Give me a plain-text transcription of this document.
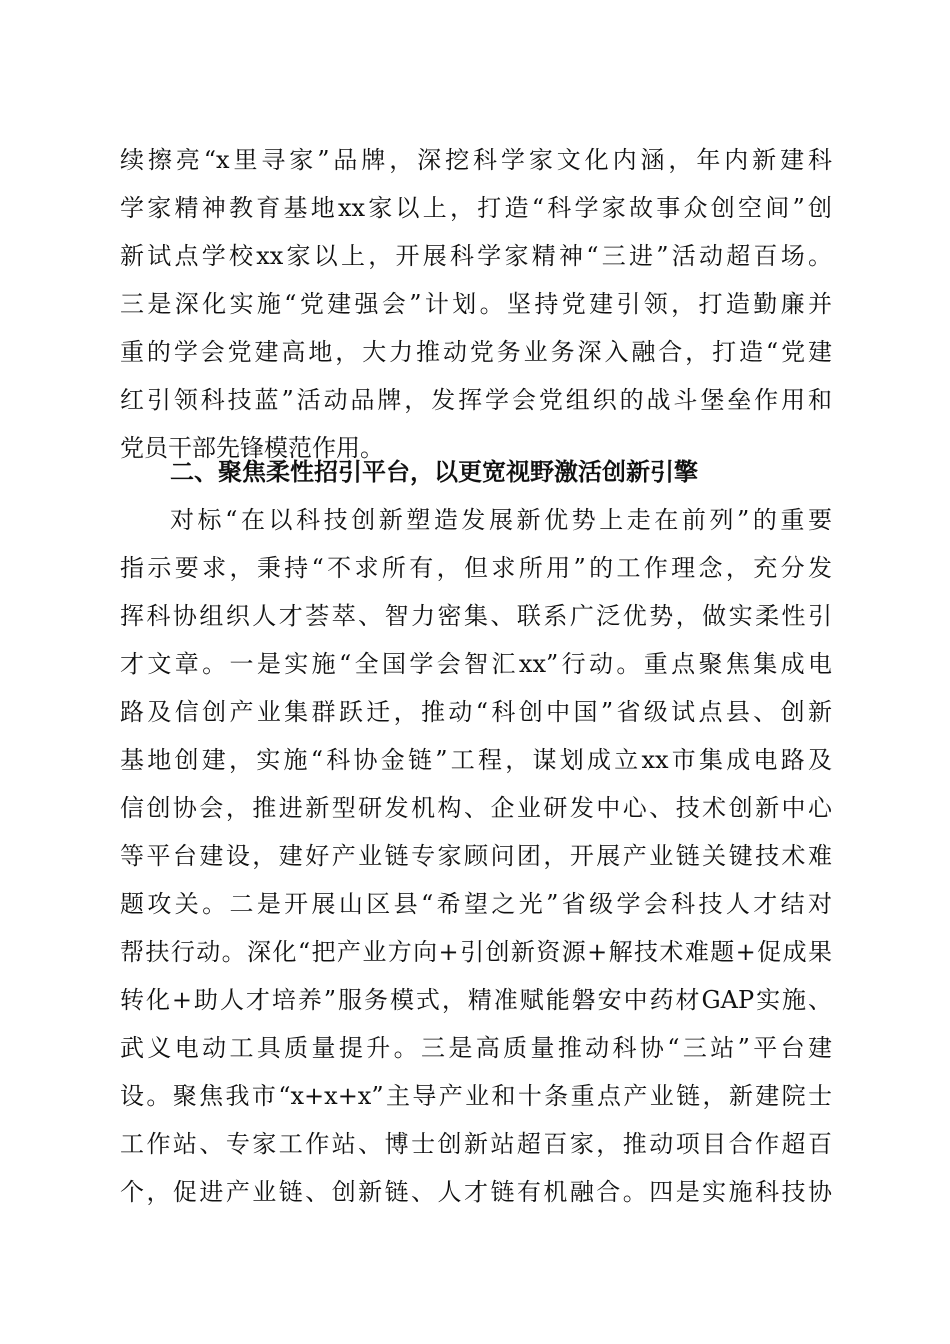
续擦亮“x里寻家”品牌，深挖科学家文化内涵，年内新建科
学家精神教育基地xx家以上，打造“科学家故事众创空间”创
新试点学校xx家以上，开展科学家精神“三进”活动超百场。
三是深化实施“党建强会”计划。坚持党建引领，打造勤廉并
重的学会党建高地，大力推动党务业务深入融合，打造“党建
红引领科技蓝”活动品牌，发挥学会党组织的战斗堡垒作用和
党员干部先锋模范作用。
二、聚焦柔性招引平台，以更宽视野激活创新引擎
对标“在以科技创新塑造发展新优势上走在前列”的重要
指示要求，秉持“不求所有，但求所用”的工作理念，充分发
挥科协组织人才荟萃、智力密集、联系广泛优势，做实柔性引
才文章。一是实施“全国学会智汇xx”行动。重点聚焦集成电
路及信创产业集群跃迁，推动“科创中国”省级试点县、创新
基地创建，实施“科协金链”工程，谋划成立xx市集成电路及
信创协会，推进新型研发机构、企业研发中心、技术创新中心
等平台建设，建好产业链专家顾问团，开展产业链关键技术难
题攻关。二是开展山区县“希望之光”省级学会科技人才结对
帮扶行动。深化“把产业方向+引创新资源+解技术难题+促成果
转化+助人才培养”服务模式，精准赋能磐安中药材GAP实施、
武义电动工具质量提升。三是高质量推动科协“三站”平台建
设。聚焦我市“x+x+x”主导产业和十条重点产业链，新建院士
工作站、专家工作站、博士创新站超百家，推动项目合作超百
个，促进产业链、创新链、人才链有机融合。四是实施科技协
